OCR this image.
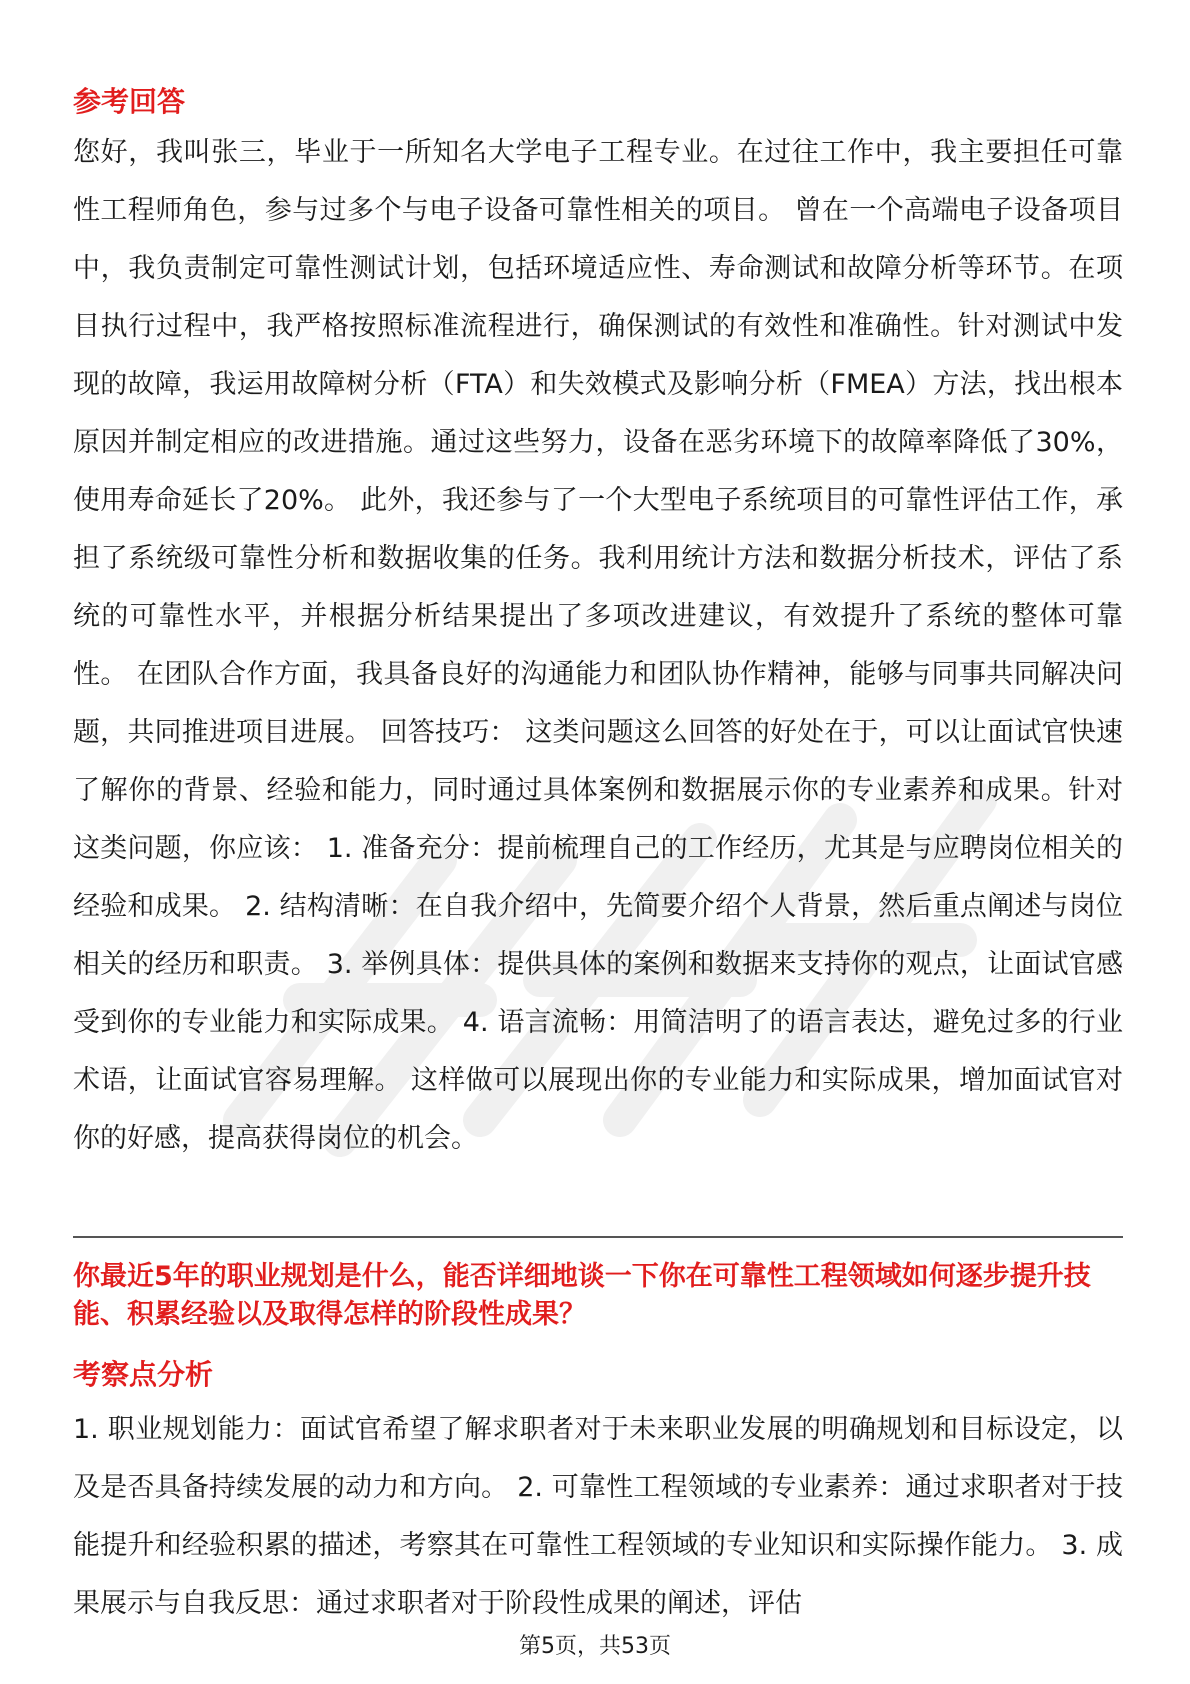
参考回答

您好，我叫张三，毕业于一所知名大学电子工程专业。在过往工作中，我主要担任可靠性工程师角色，参与过多个与电子设备可靠性相关的项目。 曾在一个高端电子设备项目中，我负责制定可靠性测试计划，包括环境适应性、寿命测试和故障分析等环节。在项目执行过程中，我严格按照标准流程进行，确保测试的有效性和准确性。针对测试中发现的故障，我运用故障树分析（FTA）和失效模式及影响分析（FMEA）方法，找出根本原因并制定相应的改进措施。通过这些努力，设备在恶劣环境下的故障率降低了30%，使用寿命延长了20%。 此外，我还参与了一个大型电子系统项目的可靠性评估工作，承担了系统级可靠性分析和数据收集的任务。我利用统计方法和数据分析技术，评估了系统的可靠性水平，并根据分析结果提出了多项改进建议，有效提升了系统的整体可靠性。 在团队合作方面，我具备良好的沟通能力和团队协作精神，能够与同事共同解决问题，共同推进项目进展。 回答技巧： 这类问题这么回答的好处在于，可以让面试官快速了解你的背景、经验和能力，同时通过具体案例和数据展示你的专业素养和成果。针对这类问题，你应该： 1. 准备充分：提前梳理自己的工作经历，尤其是与应聘岗位相关的经验和成果。 2. 结构清晰：在自我介绍中，先简要介绍个人背景，然后重点阐述与岗位相关的经历和职责。 3. 举例具体：提供具体的案例和数据来支持你的观点，让面试官感受到你的专业能力和实际成果。 4. 语言流畅：用简洁明了的语言表达，避免过多的行业术语，让面试官容易理解。 这样做可以展现出你的专业能力和实际成果，增加面试官对你的好感，提高获得岗位的机会。

你最近5年的职业规划是什么，能否详细地谈一下你在可靠性工程领域如何逐步提升技能、积累经验以及取得怎样的阶段性成果？

考察点分析

1. 职业规划能力：面试官希望了解求职者对于未来职业发展的明确规划和目标设定，以及是否具备持续发展的动力和方向。 2. 可靠性工程领域的专业素养：通过求职者对于技能提升和经验积累的描述，考察其在可靠性工程领域的专业知识和实际操作能力。 3. 成果展示与自我反思：通过求职者对于阶段性成果的阐述，评估

第5页，共53页
